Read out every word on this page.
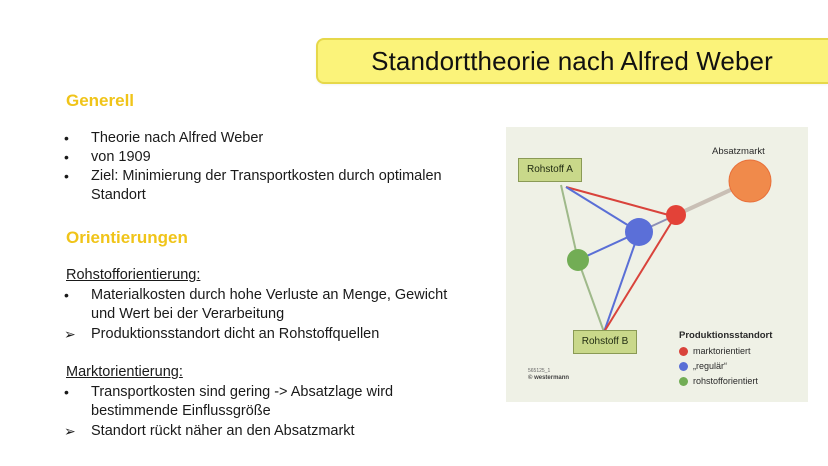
Standorttheorie nach Alfred Weber
Generell
• Theorie nach Alfred Weber
• von 1909
• Ziel: Minimierung der Transportkosten durch optimalen
Standort
Orientierungen
Rohstofforientierung:
• Materialkosten durch hohe Verluste an Menge, Gewicht
und Wert bei der Verarbeitung
➢ Produktionsstandort dicht an Rohstoffquellen
Marktorientierung:
• Transportkosten sind gering -> Absatzlage wird
bestimmende Einflussgröße
➢ Standort rückt näher an den Absatzmarkt
Rohstoff A
Rohstoff B
Absatzmarkt
Produktionsstandort
marktorientiert
„regulär“
rohstofforientiert
565125_1
© westermann
